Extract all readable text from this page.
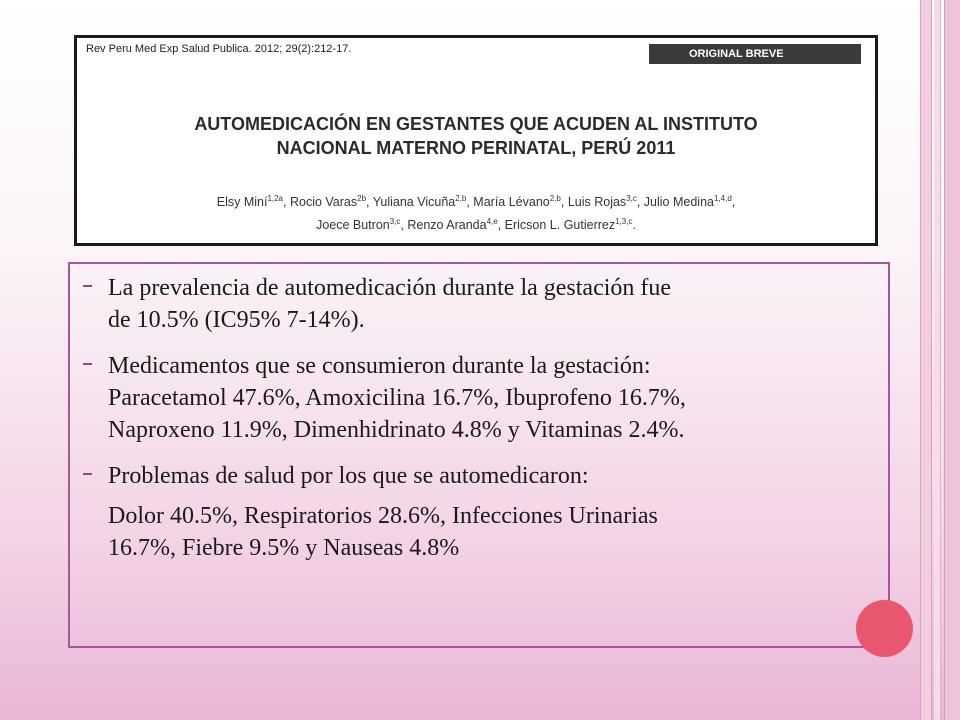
Rev Peru Med Exp Salud Publica. 2012; 29(2):212-17.	ORIGINAL BREVE
AUTOMEDICACIÓN EN GESTANTES QUE ACUDEN AL INSTITUTO
NACIONAL MATERNO PERINATAL, PERÚ 2011
Elsy Miní$^{1,2a}$, Rocio Varas$^{2b}$, Yuliana Vicuña$^{2,b}$, María Lévano$^{2,b}$, Luis Rojas$^{3,c}$, Julio Medina$^{1,4,d}$,
Joece Butron$^{3,c}$, Renzo Aranda$^{4,e}$, Ericson L. Gutierrez$^{1,3,c}$.
La prevalencia de automedicación durante la gestación fue
de 10.5% (IC95% 7-14%).
Medicamentos que se consumieron durante la gestación:
Paracetamol 47.6%, Amoxicilina 16.7%, Ibuprofeno 16.7%,
Naproxeno 11.9%, Dimenhidrinato 4.8% y Vitaminas 2.4%.
Problemas de salud por los que se automedicaron:
Dolor 40.5%, Respiratorios 28.6%, Infecciones Urinarias
16.7%, Fiebre 9.5% y Nauseas 4.8%
